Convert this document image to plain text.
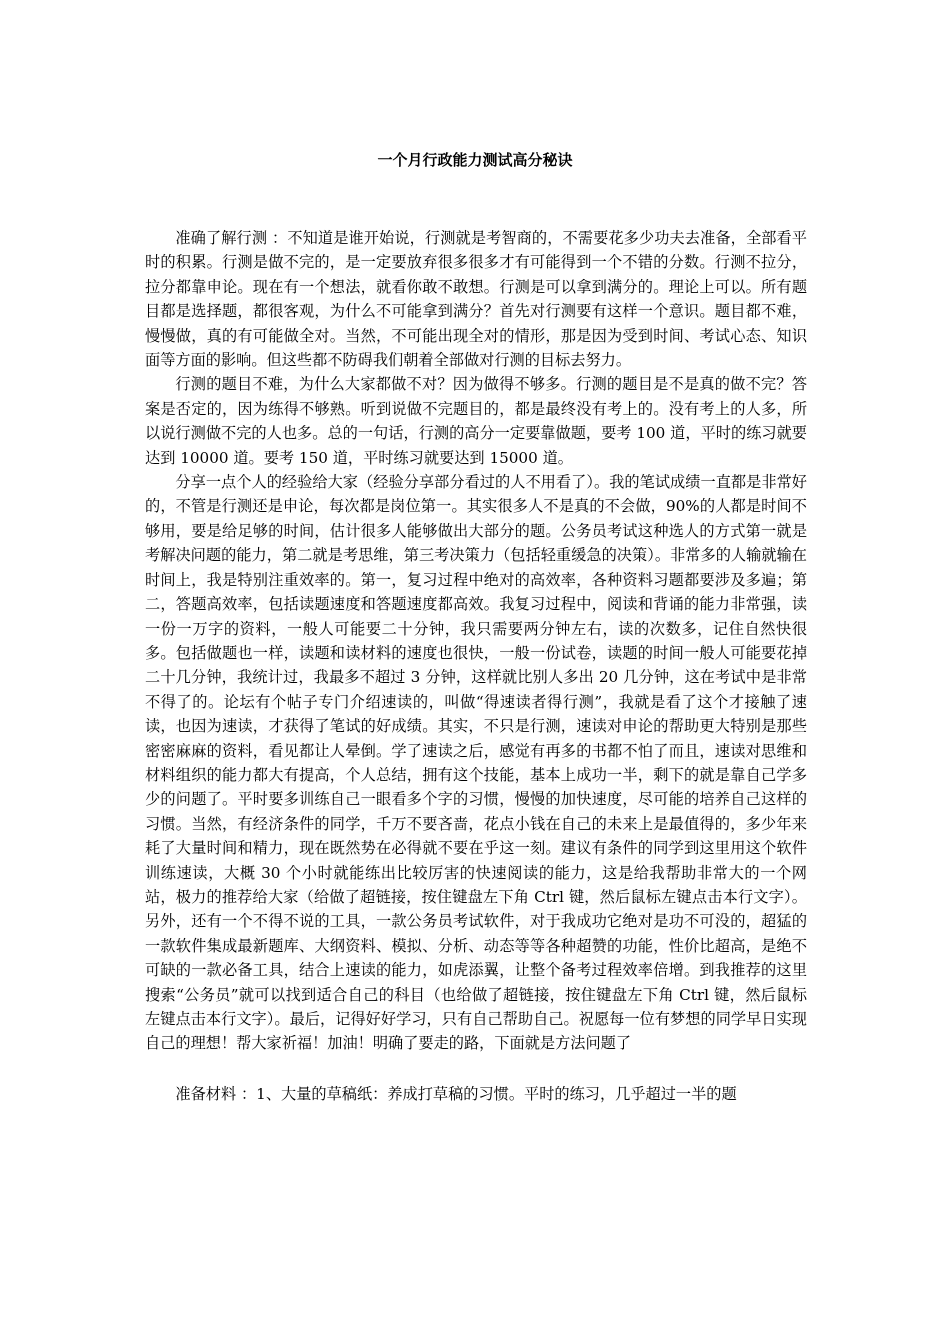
一个月行政能力测试高分秘诀

准确了解行测 ：不知道是谁开始说，行测就是考智商的，不需要花多少功夫去准备，全部看平时的积累。行测是做不完的，是一定要放弃很多很多才有可能得到一个不错的分数。行测不拉分，拉分都靠申论。现在有一个想法，就看你敢不敢想。行测是可以拿到满分的。理论上可以。所有题目都是选择题，都很客观，为什么不可能拿到满分？首先对行测要有这样一个意识。题目都不难，慢慢做，真的有可能做全对。当然，不可能出现全对的情形，那是因为受到时间、考试心态、知识面等方面的影响。但这些都不防碍我们朝着全部做对行测的目标去努力。

行测的题目不难，为什么大家都做不对？因为做得不够多。行测的题目是不是真的做不完？答案是否定的，因为练得不够熟。听到说做不完题目的，都是最终没有考上的。没有考上的人多，所以说行测做不完的人也多。总的一句话，行测的高分一定要靠做题，要考 100 道，平时的练习就要达到 10000 道。要考 150 道，平时练习就要达到 15000 道。

分享一点个人的经验给大家（经验分享部分看过的人不用看了）。我的笔试成绩一直都是非常好的，不管是行测还是申论，每次都是岗位第一。其实很多人不是真的不会做，90%的人都是时间不够用，要是给足够的时间，估计很多人能够做出大部分的题。公务员考试这种选人的方式第一就是考解决问题的能力，第二就是考思维，第三考决策力（包括轻重缓急的决策）。非常多的人输就输在时间上，我是特别注重效率的。第一，复习过程中绝对的高效率，各种资料习题都要涉及多遍；第二，答题高效率，包括读题速度和答题速度都高效。我复习过程中，阅读和背诵的能力非常强，读一份一万字的资料，一般人可能要二十分钟，我只需要两分钟左右，读的次数多，记住自然快很多。包括做题也一样，读题和读材料的速度也很快，一般一份试卷，读题的时间一般人可能要花掉二十几分钟，我统计过，我最多不超过 3 分钟，这样就比别人多出 20 几分钟，这在考试中是非常不得了的。论坛有个帖子专门介绍速读的，叫做“得速读者得行测”，我就是看了这个才接触了速读，也因为速读，才获得了笔试的好成绩。其实，不只是行测，速读对申论的帮助更大特别是那些密密麻麻的资料，看见都让人晕倒。学了速读之后，感觉有再多的书都不怕了而且，速读对思维和材料组织的能力都大有提高，个人总结，拥有这个技能，基本上成功一半，剩下的就是靠自己学多少的问题了。平时要多训练自己一眼看多个字的习惯，慢慢的加快速度，尽可能的培养自己这样的习惯。当然，有经济条件的同学，千万不要吝啬，花点小钱在自己的未来上是最值得的，多少年来耗了大量时间和精力，现在既然势在必得就不要在乎这一刻。建议有条件的同学到这里用这个软件训练速读，大概 30 个小时就能练出比较厉害的快速阅读的能力，这是给我帮助非常大的一个网站，极力的推荐给大家（给做了超链接，按住键盘左下角 Ctrl 键，然后鼠标左键点击本行文字）。另外，还有一个不得不说的工具，一款公务员考试软件，对于我成功它绝对是功不可没的，超猛的一款软件集成最新题库、大纲资料、模拟、分析、动态等等各种超赞的功能，性价比超高，是绝不可缺的一款必备工具，结合上速读的能力，如虎添翼，让整个备考过程效率倍增。到我推荐的这里搜索“公务员”就可以找到适合自己的科目（也给做了超链接，按住键盘左下角 Ctrl 键，然后鼠标左键点击本行文字）。最后，记得好好学习，只有自己帮助自己。祝愿每一位有梦想的同学早日实现自己的理想！帮大家祈福！加油！明确了要走的路，下面就是方法问题了

准备材料 ：1、大量的草稿纸：养成打草稿的习惯。平时的练习，几乎超过一半的题
